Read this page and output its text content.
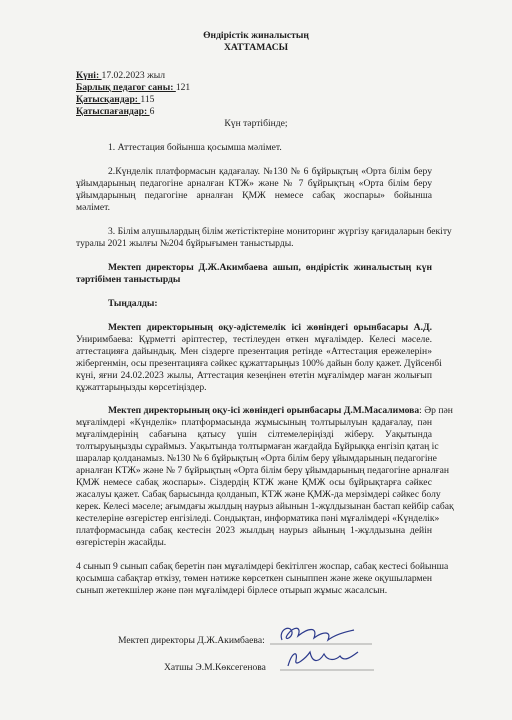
Өндірістік жиналыстың
ХАТТАМАСЫ
Күні: 17.02.2023 жыл
Барлық педагог саны: 121
Қатысқандар: 115
Қатыспағандар: 6
Күн тәртібінде;
1. Аттестация бойынша қосымша мәлімет.
2.Күнделік платформасын қадағалау. №130 № 6 бұйрықтың «Орта білім беру
ұйымдарының педагогіне арналған КТЖ» және № 7 бұйрықтың «Орта білім беру
ұйымдарының педагогіне арналған ҚМЖ немесе сабақ жоспары» бойынша
мәлімет.
3. Білім алушылардың білім жетістіктеріне мониторинг жүргізу қағидаларын бекіту
туралы 2021 жылғы №204 бұйрығымен таныстырды.
Мектеп директоры Д.Ж.Акимбаева ашып, өндірістік жиналыстың күн
тәртібімен таныстырды
Тыңдалды:
Мектеп директорының оқу-әдістемелік ісі жөніндегі орынбасары А.Д.
Униримбаева: Құрметті әріптестер, тестілеуден өткен мұғалімдер. Келесі мәселе.
аттестацияға дайындық. Мен сіздерге презентация ретінде «Аттестация ережелерін»
жібергенмін, осы презентацияға сәйкес құжаттарыңыз 100% дайын болу қажет. Дүйсенбі
күні, яғни 24.02.2023 жылы, Аттестация кезеңінен өтетін мұғалімдер маған жолығып
құжаттарыңызды көрсетіңіздер.
Мектеп директорының оқу-ісі жөніндегі орынбасары Д.М.Масалимова: Әр пән
мұғалімдері «Күнделік» платформасында жұмысының толтырылуын қадағалау, пән
мұғалімдерінің сабағына қатысу үшін сілтемелеріңізді жіберу. Уақытында
толтыруыңызды сұраймыз. Уақытында толтырмаған жағдайда Бұйрыққа енгізіп қатаң іс
шаралар қолданамыз. №130 № 6 бұйрықтың «Орта білім беру ұйымдарының педагогіне
арналған КТЖ» және № 7 бұйрықтың «Орта білім беру ұйымдарының педагогіне арналған
ҚМЖ немесе сабақ жоспары». Сіздердің КТЖ және ҚМЖ осы бұйрықтарға сәйкес
жасалуы қажет. Сабақ барысында қолданып, КТЖ және ҚМЖ-да мерзімдері сәйкес болу
керек. Келесі мәселе; ағымдағы жылдың наурыз айынын 1-жұлдызынан бастап кейбір сабақ
кестелеріне өзгерістер енгізіледі. Сондықтан, информатика пәні мұғалімдері «Күнделік»
платформасында сабақ кестесін 2023 жылдың наурыз айының 1-жұлдызына дейін
өзгерістерін жасайды.
4 сынып 9 сынып сабақ беретін пән мұғалімдері бекітілген жоспар, сабақ кестесі бойынша
қосымша сабақтар өткізу, төмен нәтиже көрсеткен сыныппен және жеке оқушылармен
сынып жетекшілер және пән мұғалімдері бірлесе отырып жұмыс жасалсын.
Мектеп директоры Д.Ж.Акимбаева:
Хатшы Э.М.Көксегенова
